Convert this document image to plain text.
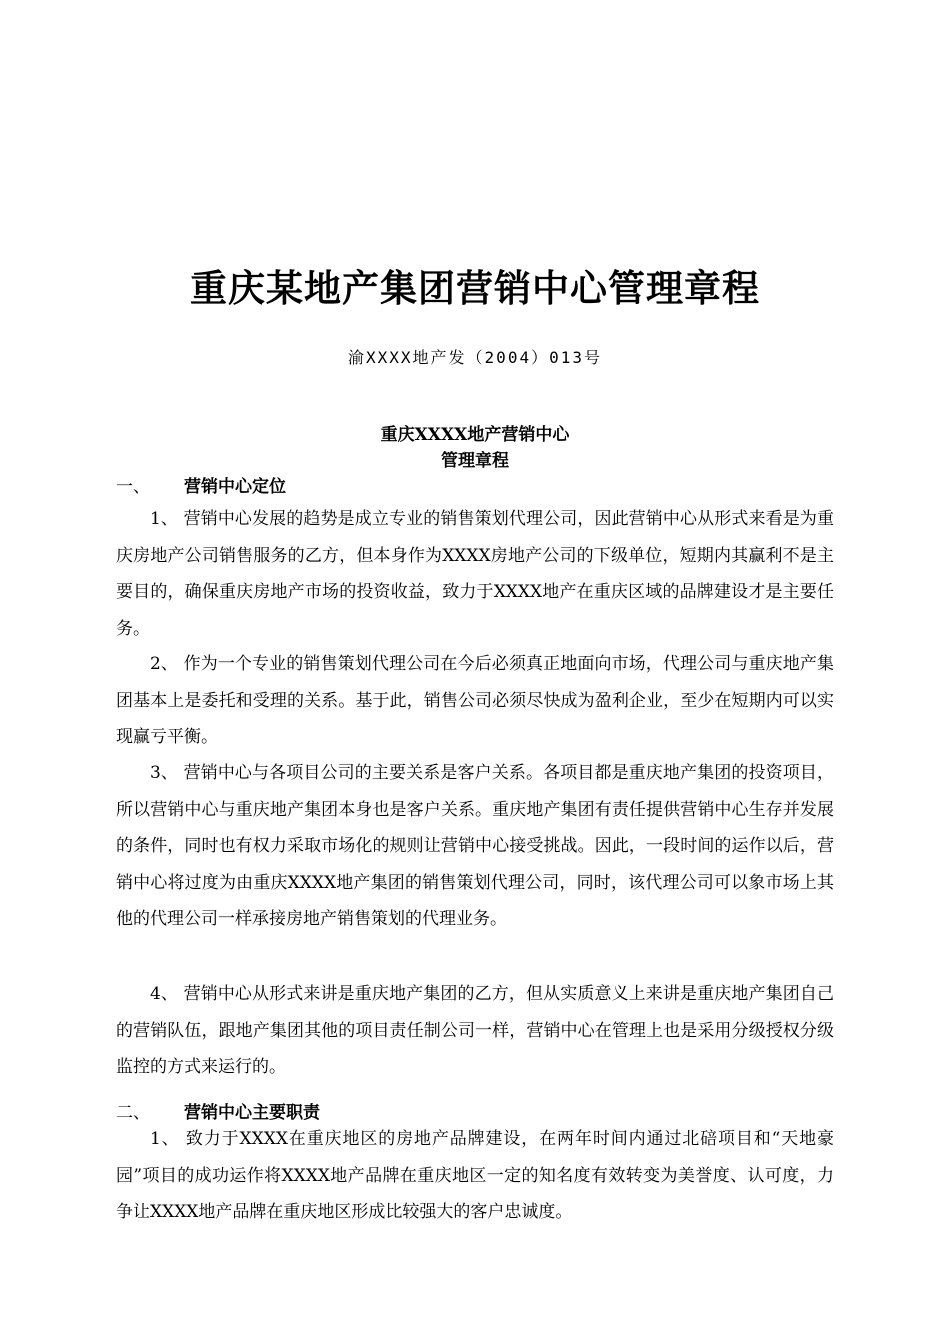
重庆某地产集团营销中心管理章程
渝XXXX地产发（2004）013号
重庆XXXX地产营销中心
管理章程
一、 营销中心定位

1、 营销中心发展的趋势是成立专业的销售策划代理公司，因此营销中心从形式来看是为重庆房地产公司销售服务的乙方，但本身作为XXXX房地产公司的下级单位，短期内其赢利不是主要目的，确保重庆房地产市场的投资收益，致力于XXXX地产在重庆区域的品牌建设才是主要任务。

2、 作为一个专业的销售策划代理公司在今后必须真正地面向市场，代理公司与重庆地产集团基本上是委托和受理的关系。基于此，销售公司必须尽快成为盈利企业，至少在短期内可以实现赢亏平衡。

3、 营销中心与各项目公司的主要关系是客户关系。各项目都是重庆地产集团的投资项目，所以营销中心与重庆地产集团本身也是客户关系。重庆地产集团有责任提供营销中心生存并发展的条件，同时也有权力采取市场化的规则让营销中心接受挑战。因此，一段时间的运作以后，营销中心将过度为由重庆XXXX地产集团的销售策划代理公司，同时，该代理公司可以象市场上其他的代理公司一样承接房地产销售策划的代理业务。

4、 营销中心从形式来讲是重庆地产集团的乙方，但从实质意义上来讲是重庆地产集团自己的营销队伍，跟地产集团其他的项目责任制公司一样，营销中心在管理上也是采用分级授权分级监控的方式来运行的。

二、 营销中心主要职责

1、 致力于XXXX在重庆地区的房地产品牌建设，在两年时间内通过北碚项目和“天地豪园”项目的成功运作将XXXX地产品牌在重庆地区一定的知名度有效转变为美誉度、认可度，力争让XXXX地产品牌在重庆地区形成比较强大的客户忠诚度。
